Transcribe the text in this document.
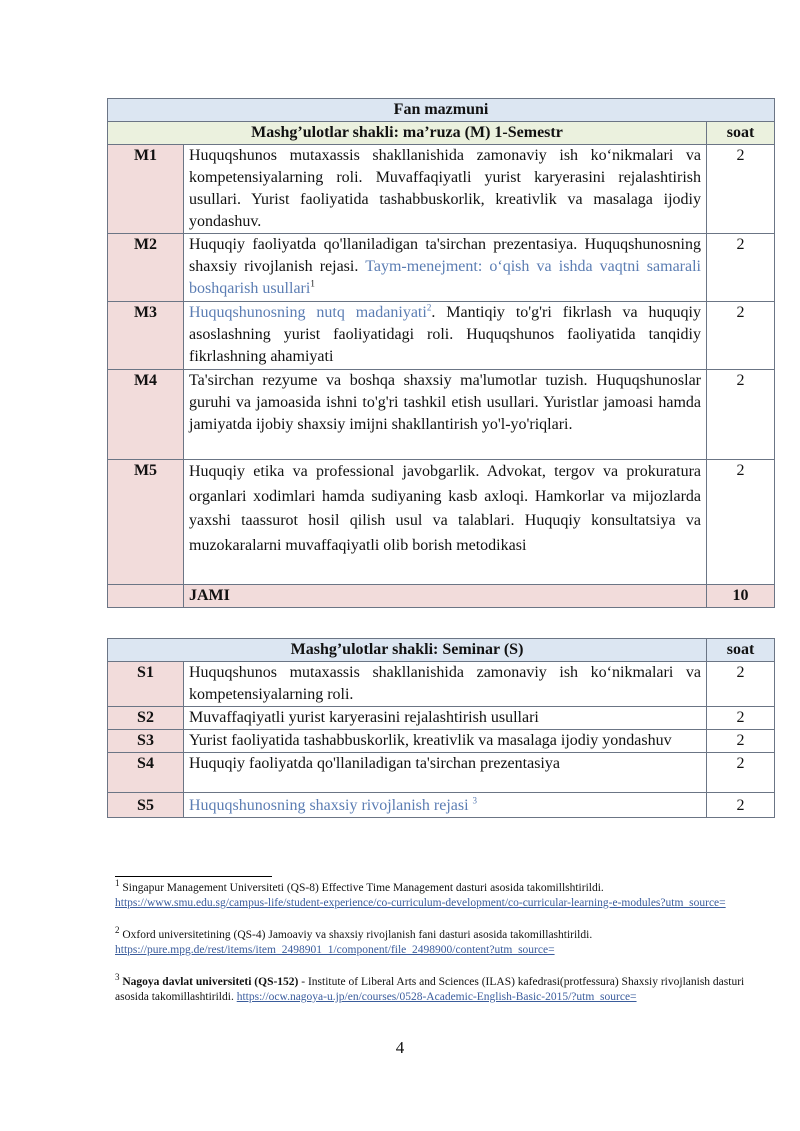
Fan mazmuni		
Mashg’ulotlar shakli: ma’ruza (M) 1-Semestr		soat
M1	Huquqshunos mutaxassis shakllanishida zamonaviy ish ko‘nikmalari va kompetensiyalarning roli. Muvaffaqiyatli yurist karyerasini rejalashtirish usullari. Yurist faoliyatida tashabbuskorlik, kreativlik va masalaga ijodiy yondashuv.	2
M2	Huquqiy faoliyatda qo'llaniladigan ta'sirchan prezentasiya. Huquqshunosning shaxsiy rivojlanish rejasi. Taym-menejment: o‘qish va ishda vaqtni samarali boshqarish usullari$^1$	2
M3	Huquqshunosning nutq madaniyati$^2$. Mantiqiy to'g'ri fikrlash va huquqiy asoslashning yurist faoliyatidagi roli. Huquqshunos faoliyatida tanqidiy fikrlashning ahamiyati	2
M4	Ta'sirchan rezyume va boshqa shaxsiy ma'lumotlar tuzish. Huquqshunoslar guruhi va jamoasida ishni to'g'ri tashkil etish usullari. Yuristlar jamoasi hamda jamiyatda ijobiy shaxsiy imijni shakllantirish yo'l-yo'riqlari.	2
M5	Huquqiy etika va professional javobgarlik. Advokat, tergov va prokuratura organlari xodimlari hamda sudiyaning kasb axloqi. Hamkorlar va mijozlarda yaxshi taassurot hosil qilish usul va talablari. Huquqiy konsultatsiya va muzokaralarni muvaffaqiyatli olib borish metodikasi	2
	JAMI	10
Mashg’ulotlar shakli: Seminar (S)		soat
S1	Huquqshunos mutaxassis shakllanishida zamonaviy ish ko‘nikmalari va kompetensiyalarning roli.	2
S2	Muvaffaqiyatli yurist karyerasini rejalashtirish usullari	2
S3	Yurist faoliyatida tashabbuskorlik, kreativlik va masalaga ijodiy yondashuv	2
S4	Huquqiy faoliyatda qo'llaniladigan ta'sirchan prezentasiya	2
S5	Huquqshunosning shaxsiy rivojlanish rejasi $^3$	2
$^1$ Singapur Management Universiteti (QS-8) Effective Time Management dasturi asosida takomillshtirildi.
https://www.smu.edu.sg/campus-life/student-experience/co-curriculum-development/co-curricular-learning-e-modules?utm_source=
$^2$ Oxford universitetining (QS-4) Jamoaviy va shaxsiy rivojlanish fani dasturi asosida takomillashtirildi.
https://pure.mpg.de/rest/items/item_2498901_1/component/file_2498900/content?utm_source=
$^3$ Nagoya davlat universiteti (QS-152) - Institute of Liberal Arts and Sciences (ILAS) kafedrasi(protfessura) Shaxsiy rivojlanish dasturi asosida takomillashtirildi. https://ocw.nagoya-u.jp/en/courses/0528-Academic-English-Basic-2015/?utm_source=
4
